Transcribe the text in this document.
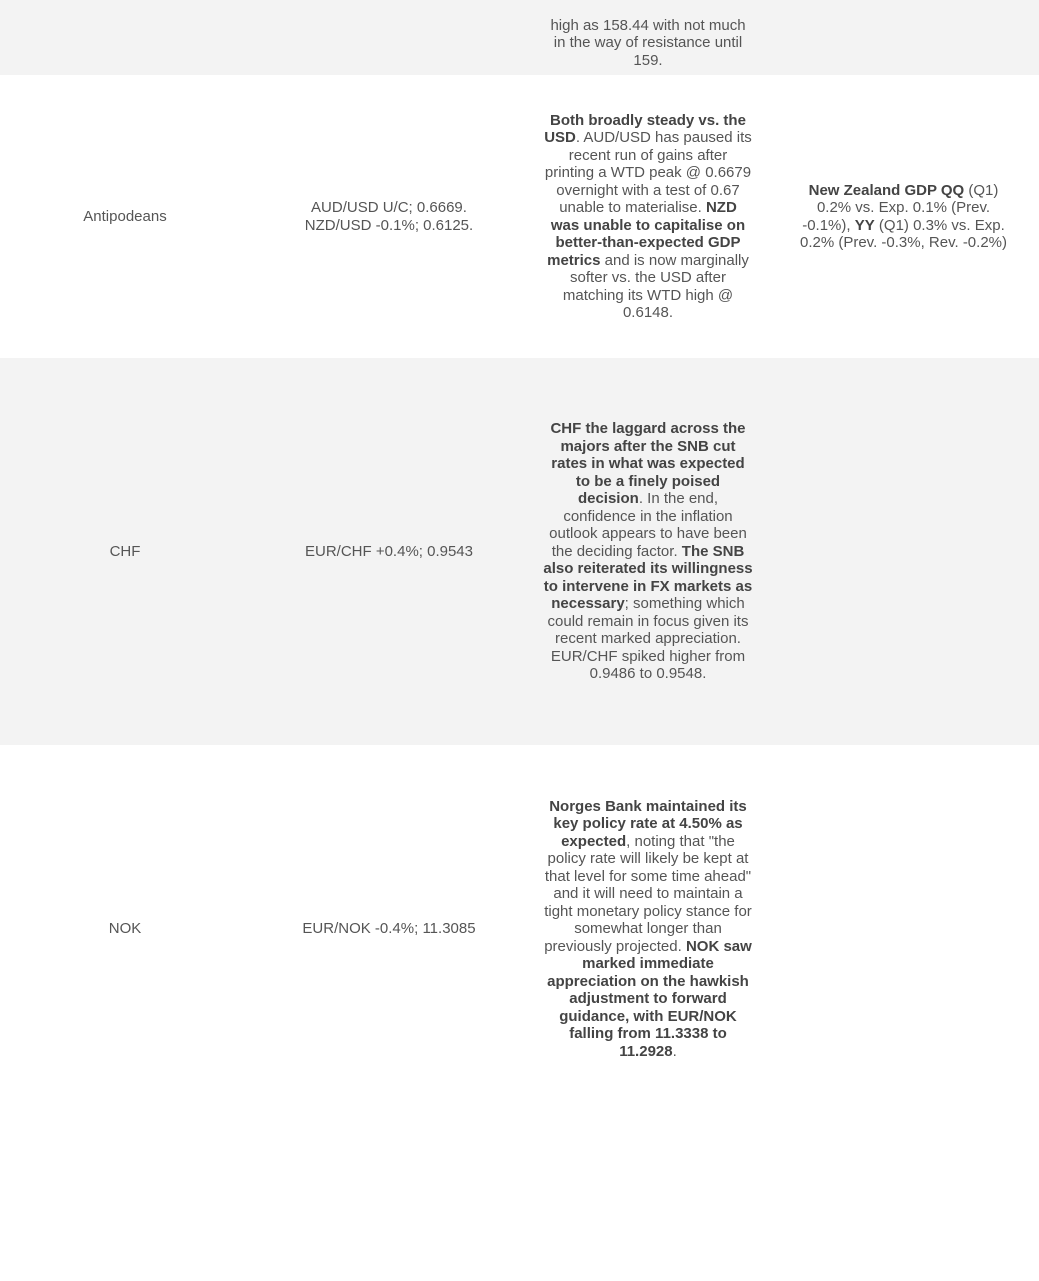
		high as 158.44 with not much in the way of resistance until 159.	

Antipodeans	AUD/USD U/C; 0.6669. NZD/USD -0.1%; 0.6125.	Both broadly steady vs. the USD. AUD/USD has paused its recent run of gains after printing a WTD peak @ 0.6679 overnight with a test of 0.67 unable to materialise. NZD was unable to capitalise on better-than-expected GDP metrics and is now marginally softer vs. the USD after matching its WTD high @ 0.6148.	New Zealand GDP QQ (Q1) 0.2% vs. Exp. 0.1% (Prev. -0.1%), YY (Q1) 0.3% vs. Exp. 0.2% (Prev. -0.3%, Rev. -0.2%)

CHF	EUR/CHF +0.4%; 0.9543	CHF the laggard across the majors after the SNB cut rates in what was expected to be a finely poised decision. In the end, confidence in the inflation outlook appears to have been the deciding factor. The SNB also reiterated its willingness to intervene in FX markets as necessary; something which could remain in focus given its recent marked appreciation. EUR/CHF spiked higher from 0.9486 to 0.9548.	

NOK	EUR/NOK -0.4%; 11.3085	Norges Bank maintained its key policy rate at 4.50% as expected, noting that "the policy rate will likely be kept at that level for some time ahead" and it will need to maintain a tight monetary policy stance for somewhat longer than previously projected. NOK saw marked immediate appreciation on the hawkish adjustment to forward guidance, with EUR/NOK falling from 11.3338 to 11.2928.	
